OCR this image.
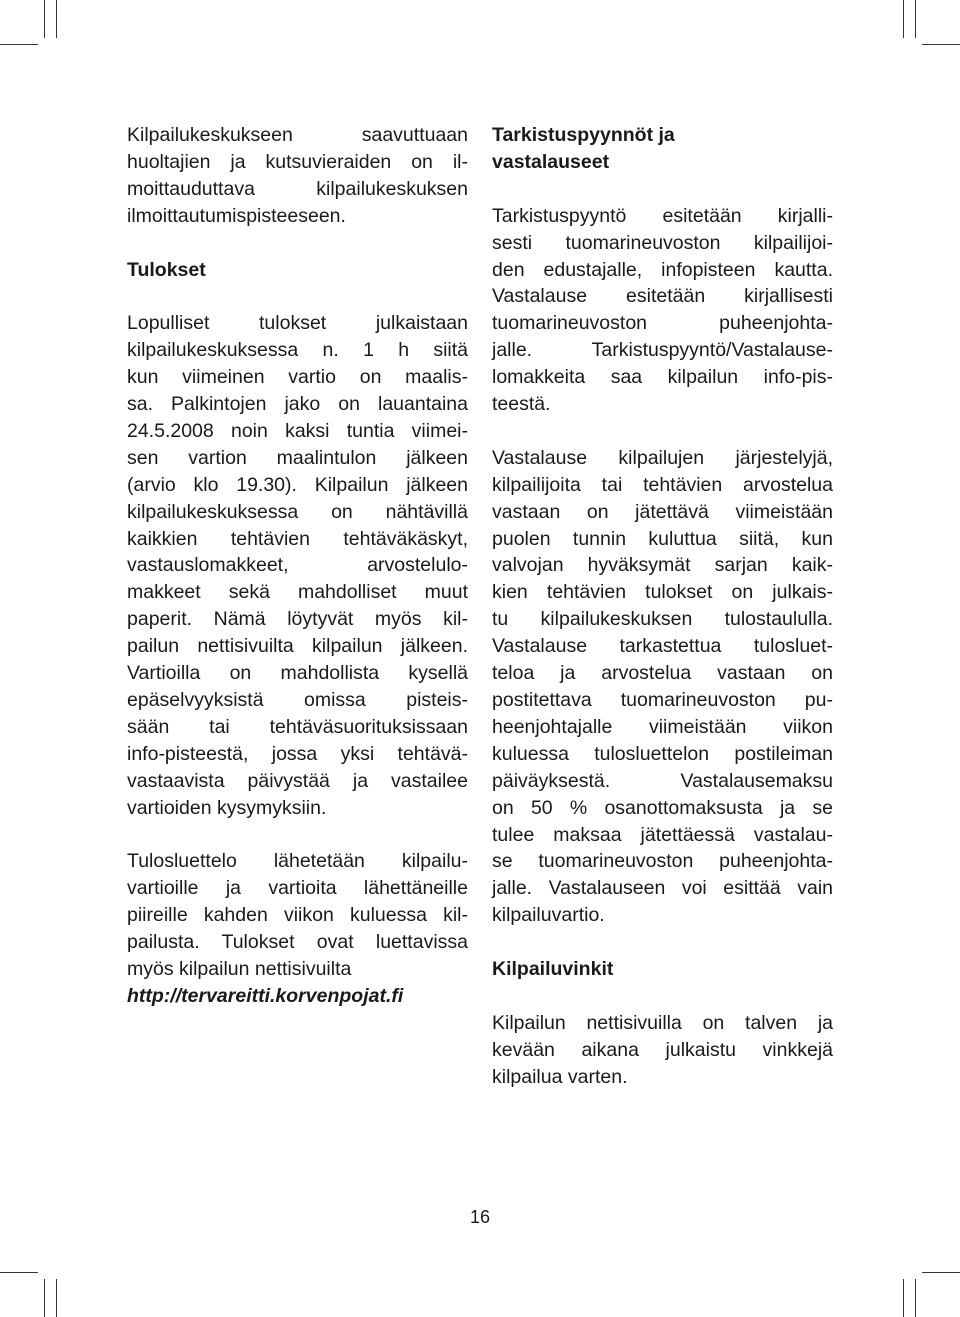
Kilpailukeskukseen saavuttuaan
huoltajien ja kutsuvieraiden on il-
moittauduttava kilpailukeskuksen
ilmoittautumispisteeseen.

Tulokset

Lopulliset tulokset julkaistaan
kilpailukeskuksessa n. 1 h siitä
kun viimeinen vartio on maalis-
sa. Palkintojen jako on lauantaina
24.5.2008 noin kaksi tuntia viimei-
sen vartion maalintulon jälkeen
(arvio klo 19.30). Kilpailun jälkeen
kilpailukeskuksessa on nähtävillä
kaikkien tehtävien tehtäväkäskyt,
vastauslomakkeet, arvostelulo-
makkeet sekä mahdolliset muut
paperit. Nämä löytyvät myös kil-
pailun nettisivuilta kilpailun jälkeen.
Vartioilla on mahdollista kysellä
epäselvyyksistä omissa pisteis-
sään tai tehtäväsuorituksissaan
info-pisteestä, jossa yksi tehtävä-
vastaavista päivystää ja vastailee
vartioiden kysymyksiin.

Tulosluettelo lähetetään kilpailu-
vartioille ja vartioita lähettäneille
piireille kahden viikon kuluessa kil-
pailusta. Tulokset ovat luettavissa
myös kilpailun nettisivuilta
http://tervareitti.korvenpojat.fi

Tarkistuspyynnöt ja
vastalauseet

Tarkistuspyyntö esitetään kirjalli-
sesti tuomarineuvoston kilpailijoi-
den edustajalle, infopisteen kautta.
Vastalause esitetään kirjallisesti
tuomarineuvoston puheenjohta-
jalle. Tarkistuspyyntö/Vastalause-
lomakkeita saa kilpailun info-pis-
teestä.

Vastalause kilpailujen järjestelyjä,
kilpailijoita tai tehtävien arvostelua
vastaan on jätettävä viimeistään
puolen tunnin kuluttua siitä, kun
valvojan hyväksymät sarjan kaik-
kien tehtävien tulokset on julkais-
tu kilpailukeskuksen tulostaululla.
Vastalause tarkastettua tulosluet-
teloa ja arvostelua vastaan on
postitettava tuomarineuvoston pu-
heenjohtajalle viimeistään viikon
kuluessa tulosluettelon postileiman
päiväyksestä. Vastalausemaksu
on 50 % osanottomaksusta ja se
tulee maksaa jätettäessä vastalau-
se tuomarineuvoston puheenjohta-
jalle. Vastalauseen voi esittää vain
kilpailuvartio.

Kilpailuvinkit

Kilpailun nettisivuilla on talven ja
kevään aikana julkaistu vinkkejä
kilpailua varten.

16
